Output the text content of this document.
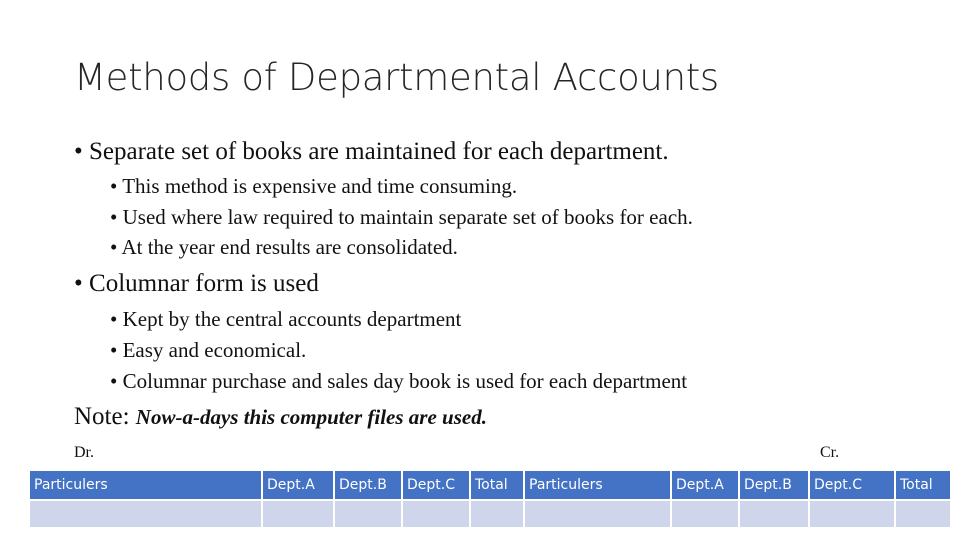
Methods of Departmental Accounts
• Separate set of books are maintained for each department.
• This method is expensive and time consuming.
• Used where law required to maintain separate set of books for each.
• At the year end results are consolidated.
• Columnar form is used
• Kept by the central accounts department
• Easy and economical.
• Columnar purchase and sales day book is used for each department
Note: Now-a-days this computer files are used.
Dr.	Cr.
Particulers	Dept.A	Dept.B	Dept.C	Total	Particulers	Dept.A	Dept.B	Dept.C	Total
